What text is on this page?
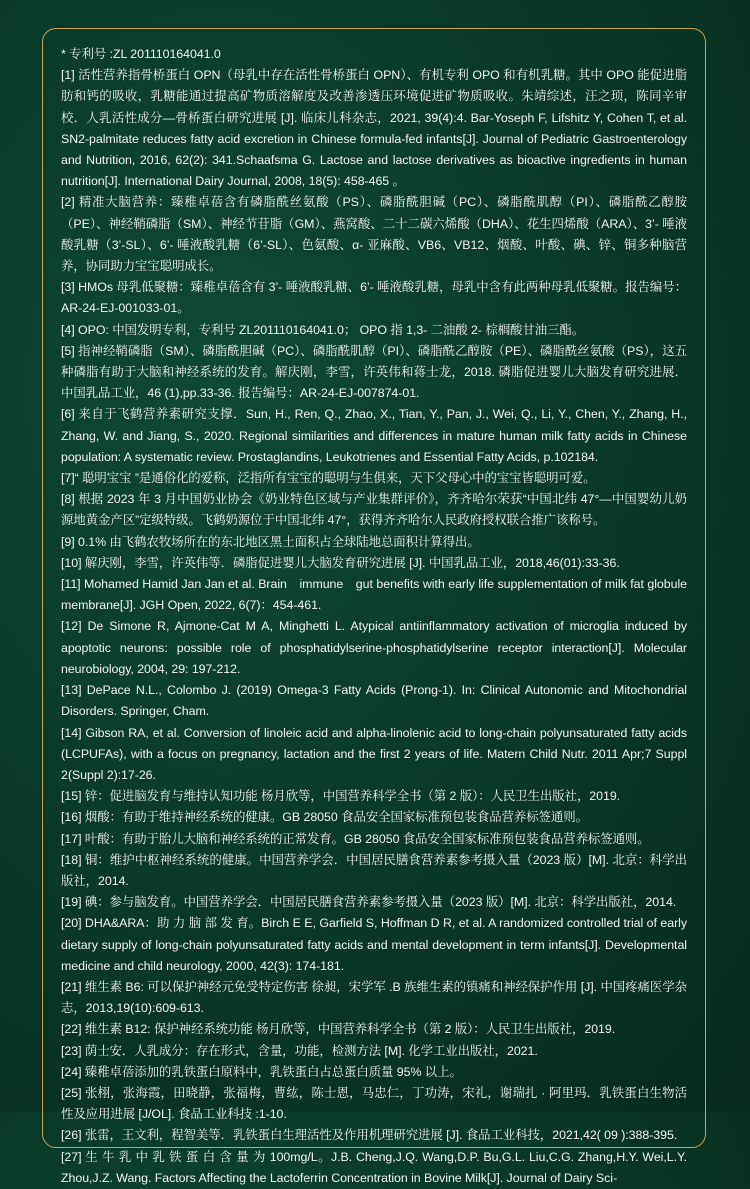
* 专利号 :ZL 201110164041.0

[1] 活性营养指骨桥蛋白 OPN（母乳中存在活性骨桥蛋白 OPN）、有机专利 OPO 和有机乳糖。其中 OPO 能促进脂肪和钙的吸收，乳糖能通过提高矿物质溶解度及改善渗透压环境促进矿物质吸收。朱靖综述，汪之顼，陈同辛审校．人乳活性成分—骨桥蛋白研究进展 [J]. 临床儿科杂志，2021, 39(4):4. Bar-Yoseph F, Lifshitz Y, Cohen T, et al. SN2-palmitate reduces fatty acid excretion in Chinese formula-fed infants[J]. Journal of Pediatric Gastroenterology and Nutrition, 2016, 62(2): 341.Schaafsma G. Lactose and lactose derivatives as bioactive ingredients in human nutrition[J]. International Dairy Journal, 2008, 18(5): 458-465 。

[2] 精准大脑营养：臻稚卓蓓含有磷脂酰丝氨酸（PS）、磷脂酰胆碱（PC）、磷脂酰肌醇（PI）、磷脂酰乙醇胺（PE）、神经鞘磷脂（SM）、神经节苷脂（GM）、燕窝酸、二十二碳六烯酸（DHA）、花生四烯酸（ARA）、3’- 唾液酸乳糖（3’-SL）、6’- 唾液酸乳糖（6’-SL）、色氨酸、α- 亚麻酸、VB6、VB12、烟酸、叶酸、碘、锌、铜多种脑营养，协同助力宝宝聪明成长。

[3] HMOs 母乳低聚糖：臻稚卓蓓含有 3’- 唾液酸乳糖、6’- 唾液酸乳糖，母乳中含有此两种母乳低聚糖。报告编号：AR-24-EJ-001033-01。

[4] OPO: 中国发明专利，专利号 ZL201110164041.0； OPO 指 1,3- 二油酸 2- 棕榈酸甘油三酯。

[5] 指神经鞘磷脂（SM）、磷脂酰胆碱（PC）、磷脂酰肌醇（PI）、磷脂酰乙醇胺（PE）、磷脂酰丝氨酸（PS），这五种磷脂有助于大脑和神经系统的发育。解庆刚，李雪，许英伟和蒋士龙，2018. 磷脂促进婴儿大脑发育研究进展．中国乳品工业，46 (1),pp.33-36. 报告编号：AR-24-EJ-007874-01.

[6] 来自于飞鹤营养素研究支撑．Sun, H., Ren, Q., Zhao, X., Tian, Y., Pan, J., Wei, Q., Li, Y., Chen, Y., Zhang, H., Zhang, W. and Jiang, S., 2020. Regional similarities and differences in mature human milk fatty acids in Chinese population: A systematic review. Prostaglandins, Leukotrienes and Essential Fatty Acids, p.102184.

[7]“ 聪明宝宝 ”是通俗化的爱称，泛指所有宝宝的聪明与生俱来，天下父母心中的宝宝皆聪明可爱。

[8] 根据 2023 年 3 月中国奶业协会《奶业特色区域与产业集群评价》，齐齐哈尔荣获“中国北纬 47°—中国婴幼儿奶源地黄金产区”定级特级。飞鹤奶源位于中国北纬 47°，获得齐齐哈尔人民政府授权联合推广该称号。

[9] 0.1% 由飞鹤农牧场所在的东北地区黑土面积占全球陆地总面积计算得出。

[10] 解庆刚，李雪，许英伟等．磷脂促进婴儿大脑发育研究进展 [J]. 中国乳品工业，2018,46(01):33-36.

[11] Mohamed Hamid Jan Jan et al. Brain　immune　gut benefits with early life supplementation of milk fat globule membrane[J]. JGH Open, 2022, 6(7)：454-461.

[12] De Simone R, Ajmone-Cat M A, Minghetti L. Atypical antiinflammatory activation of microglia induced by apoptotic neurons: possible role of phosphatidylserine-phosphatidylserine receptor interaction[J]. Molecular neurobiology, 2004, 29: 197-212.

[13] DePace N.L., Colombo J. (2019) Omega-3 Fatty Acids (Prong-1). In: Clinical Autonomic and Mitochondrial Disorders. Springer, Cham.

[14] Gibson RA, et al. Conversion of linoleic acid and alpha-linolenic acid to long-chain polyunsaturated fatty acids (LCPUFAs), with a focus on pregnancy, lactation and the first 2 years of life. Matern Child Nutr. 2011 Apr;7 Suppl 2(Suppl 2):17-26.

[15] 锌：促进脑发育与维持认知功能 杨月欣等，中国营养科学全书（第 2 版）：人民卫生出版社，2019.

[16] 烟酸：有助于维持神经系统的健康。GB 28050 食品安全国家标准预包装食品营养标签通则。

[17] 叶酸：有助于胎儿大脑和神经系统的正常发育。GB 28050 食品安全国家标准预包装食品营养标签通则。

[18] 铜：维护中枢神经系统的健康。中国营养学会．中国居民膳食营养素参考摄入量（2023 版）[M]. 北京：科学出版社，2014.

[19] 碘：参与脑发育。中国营养学会．中国居民膳食营养素参考摄入量（2023 版）[M]. 北京：科学出版社，2014.

[20] DHA&ARA：助 力 脑 部 发 育。Birch E E, Garfield S, Hoffman D R, et al. A randomized controlled trial of early dietary supply of long-chain polyunsaturated fatty acids and mental development in term infants[J]. Developmental medicine and child neurology, 2000, 42(3): 174-181.

[21] 维生素 B6: 可以保护神经元免受特定伤害 徐昶，宋学军 .B 族维生素的镇痛和神经保护作用 [J]. 中国疼痛医学杂志，2013,19(10):609-613.

[22] 维生素 B12: 保护神经系统功能 杨月欣等，中国营养科学全书（第 2 版）：人民卫生出版社，2019.

[23] 荫士安．人乳成分：存在形式，含量，功能，检测方法 [M]. 化学工业出版社，2021.

[24] 臻稚卓蓓添加的乳铁蛋白原料中，乳铁蛋白占总蛋白质量 95% 以上。

[25] 张栩，张海霞，田晓静，张福梅，曹纮，陈士恩，马忠仁，丁功涛，宋礼，谢瑞扎 · 阿里玛．乳铁蛋白生物活性及应用进展 [J/OL]. 食品工业科技 :1-10.

[26] 张雷，王文利，程智美等．乳铁蛋白生理活性及作用机理研究进展 [J]. 食品工业科技，2021,42( 09 ):388-395.

[27] 生 牛 乳 中 乳 铁 蛋 白 含 量 为 100mg/L。J.B. Cheng,J.Q. Wang,D.P. Bu,G.L. Liu,C.G. Zhang,H.Y. Wei,L.Y. Zhou,J.Z. Wang. Factors Affecting the Lactoferrin Concentration in Bovine Milk[J]. Journal of Dairy Sci-
